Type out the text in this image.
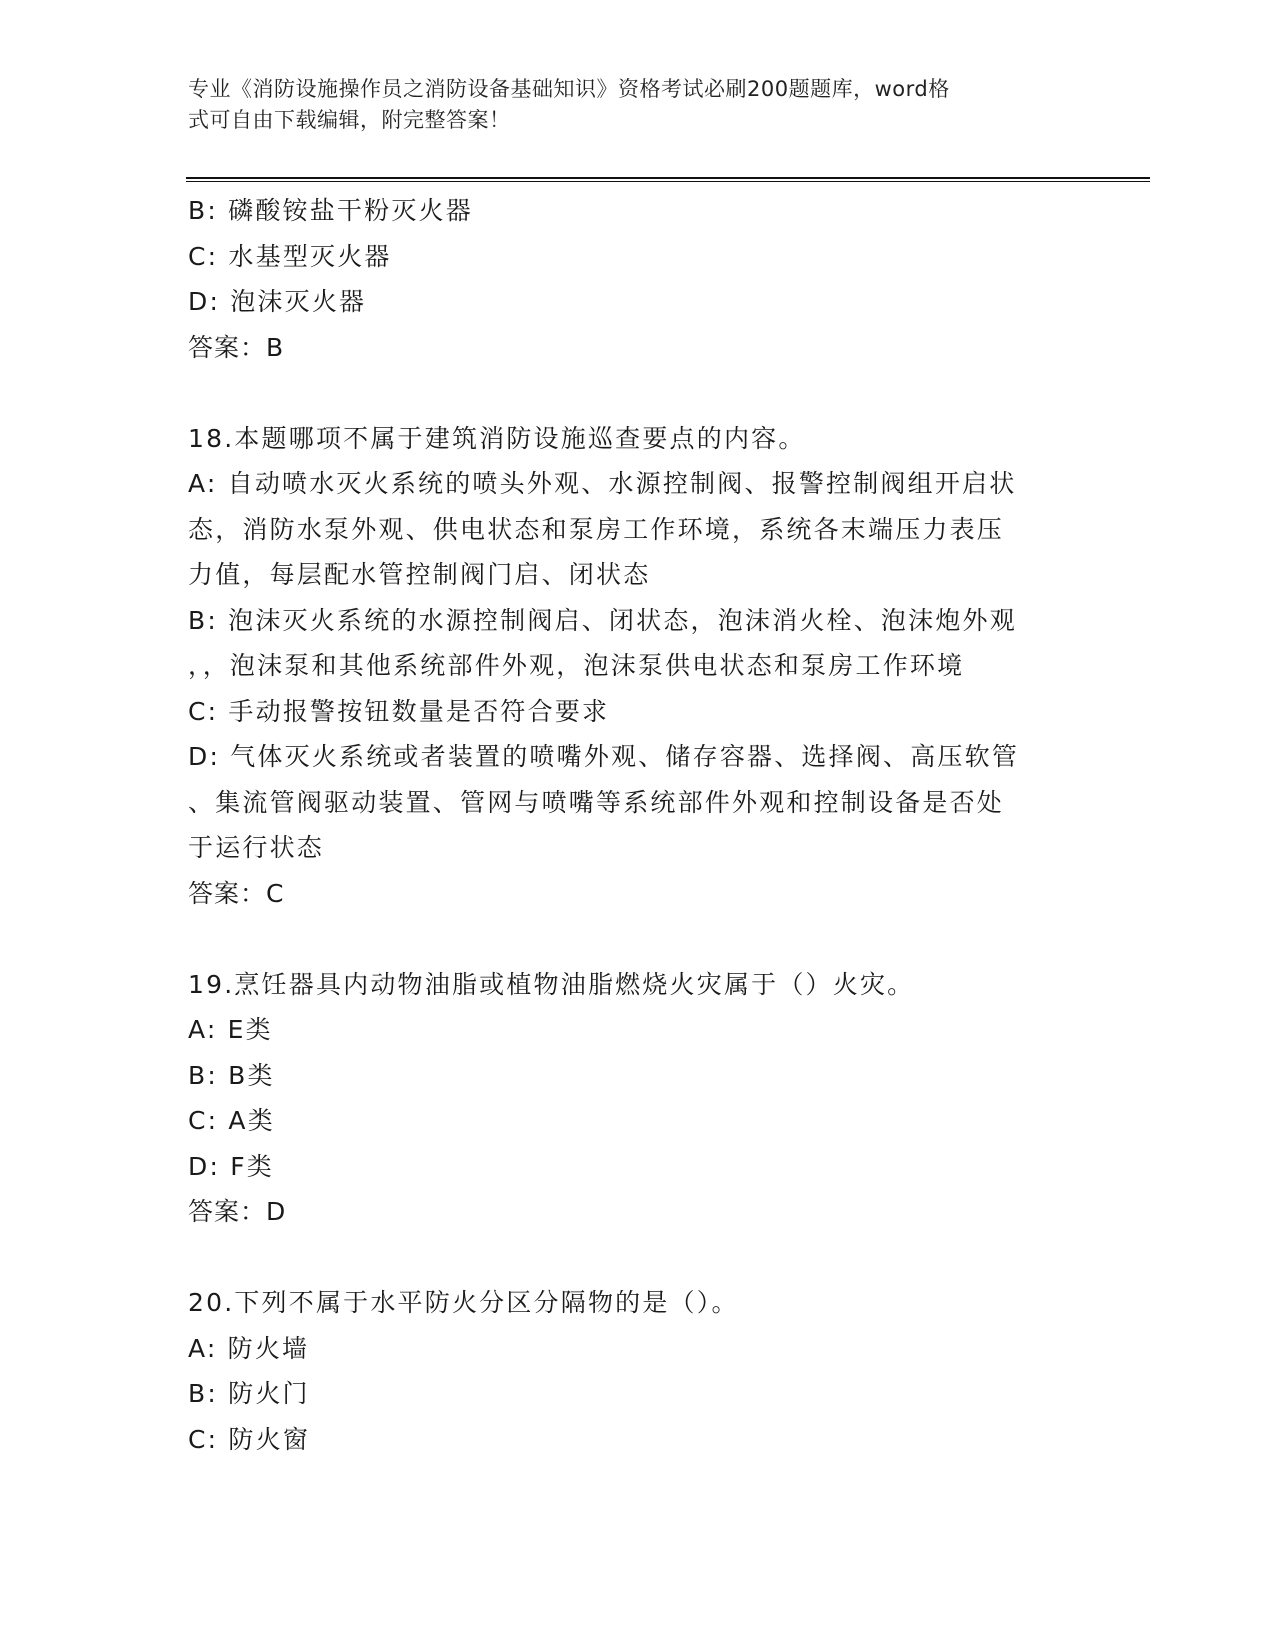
专业《消防设施操作员之消防设备基础知识》资格考试必刷200题题库，word格
式可自由下载编辑，附完整答案！

B: 磷酸铵盐干粉灭火器

C: 水基型灭火器

D: 泡沫灭火器

答案：B

18.本题哪项不属于建筑消防设施巡查要点的内容。

A: 自动喷水灭火系统的喷头外观、水源控制阀、报警控制阀组开启状

态，消防水泵外观、供电状态和泵房工作环境，系统各末端压力表压

力值，每层配水管控制阀门启、闭状态

B: 泡沫灭火系统的水源控制阀启、闭状态，泡沫消火栓、泡沫炮外观

，，泡沫泵和其他系统部件外观，泡沫泵供电状态和泵房工作环境

C: 手动报警按钮数量是否符合要求

D: 气体灭火系统或者装置的喷嘴外观、储存容器、选择阀、高压软管

、集流管阀驱动装置、管网与喷嘴等系统部件外观和控制设备是否处

于运行状态

答案：C

19.烹饪器具内动物油脂或植物油脂燃烧火灾属于（）火灾。

A: E类

B: B类

C: A类

D: F类

答案：D

20.下列不属于水平防火分区分隔物的是（）。

A: 防火墙

B: 防火门

C: 防火窗
